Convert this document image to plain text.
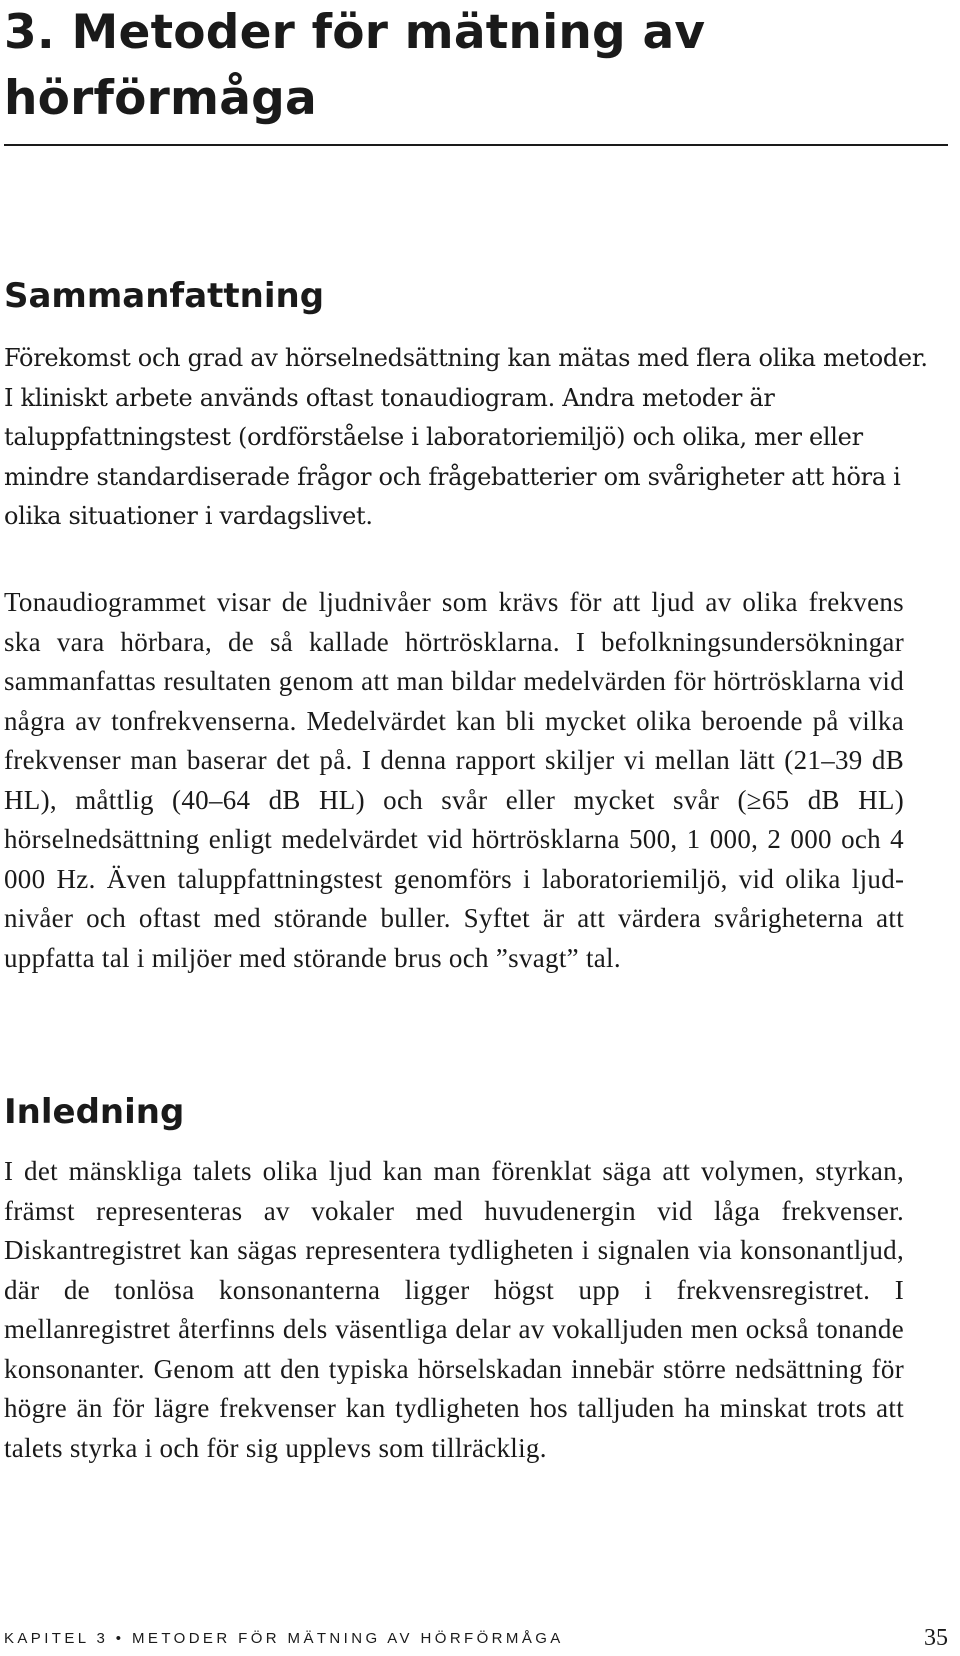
3. Metoder för mätning av hörförmåga
Sammanfattning

Förekomst och grad av hörselnedsättning kan mätas med flera olika metoder. I kliniskt arbete används oftast tonaudiogram. Andra metoder är taluppfattningstest (ordförståelse i laboratoriemiljö) och olika, mer eller mindre standardiserade frågor och frågebatterier om svårigheter att höra i olika situationer i vardagslivet.

Tonaudiogrammet visar de ljudnivåer som krävs för att ljud av olika frekvens ska vara hörbara, de så kallade hörtrösklarna. I befolkningsundersökningar sammanfattas resultaten genom att man bildar medelvärden för hörtrösklarna vid några av tonfrekvenserna. Medelvärdet kan bli mycket olika beroende på vilka frekvenser man baserar det på. I denna rapport skiljer vi mellan lätt (21–39 dB HL), måttlig (40–64 dB HL) och svår eller mycket svår (≥65 dB HL) hörselnedsättning enligt medelvärdet vid hörtrösklarna 500, 1 000, 2 000 och 4 000 Hz. Även taluppfattningstest genomförs i laboratoriemiljö, vid olika ljudnivåer och oftast med störande buller. Syftet är att värdera svårigheterna att uppfatta tal i miljöer med störande brus och ”svagt” tal.

Inledning

I det mänskliga talets olika ljud kan man förenklat säga att volymen, styrkan, främst representeras av vokaler med huvudenergin vid låga frekvenser. Diskantregistret kan sägas representera tydligheten i signalen via konsonantljud, där de tonlösa konsonanterna ligger högst upp i frekvensregistret. I mellanregistret återfinns dels väsentliga delar av vokalljuden men också tonande konsonanter. Genom att den typiska hörselskadan innebär större nedsättning för högre än för lägre frekvenser kan tydligheten hos talljuden ha minskat trots att talets styrka i och för sig upplevs som tillräcklig.

KAPITEL 3 • METODER FÖR MÄTNING AV HÖRFÖRMÅGA	35
